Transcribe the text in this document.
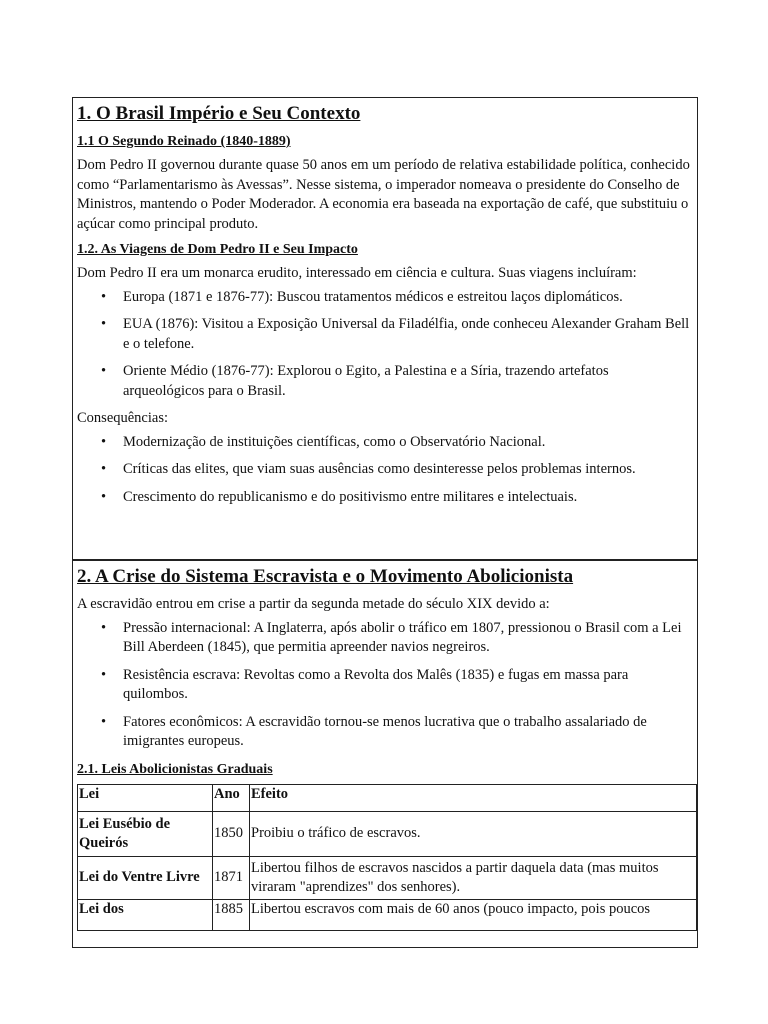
1. O Brasil Império e Seu Contexto
1.1 O Segundo Reinado (1840-1889)

Dom Pedro II governou durante quase 50 anos em um período de relativa estabilidade política, conhecido como “Parlamentarismo às Avessas”. Nesse sistema, o imperador nomeava o presidente do Conselho de Ministros, mantendo o Poder Moderador. A economia era baseada na exportação de café, que substituiu o açúcar como principal produto.

1.2. As Viagens de Dom Pedro II e Seu Impacto

Dom Pedro II era um monarca erudito, interessado em ciência e cultura. Suas viagens incluíram:

• Europa (1871 e 1876-77): Buscou tratamentos médicos e estreitou laços diplomáticos.
• EUA (1876): Visitou a Exposição Universal da Filadélfia, onde conheceu Alexander Graham Bell e o telefone.
• Oriente Médio (1876-77): Explorou o Egito, a Palestina e a Síria, trazendo artefatos arqueológicos para o Brasil.

Consequências:

• Modernização de instituições científicas, como o Observatório Nacional.
• Críticas das elites, que viam suas ausências como desinteresse pelos problemas internos.
• Crescimento do republicanismo e do positivismo entre militares e intelectuais.
2. A Crise do Sistema Escravista e o Movimento Abolicionista

A escravidão entrou em crise a partir da segunda metade do século XIX devido a:

• Pressão internacional: A Inglaterra, após abolir o tráfico em 1807, pressionou o Brasil com a Lei Bill Aberdeen (1845), que permitia apreender navios negreiros.
• Resistência escrava: Revoltas como a Revolta dos Malês (1835) e fugas em massa para quilombos.
• Fatores econômicos: A escravidão tornou-se menos lucrativa que o trabalho assalariado de imigrantes europeus.
2.1. Leis Abolicionistas Graduais
Lei	Ano	Efeito
Lei Eusébio de Queirós	1850	Proibiu o tráfico de escravos.
Lei do Ventre Livre	1871	Libertou filhos de escravos nascidos a partir daquela data (mas muitos viraram "aprendizes" dos senhores).
Lei dos	1885	Libertou escravos com mais de 60 anos (pouco impacto, pois poucos
